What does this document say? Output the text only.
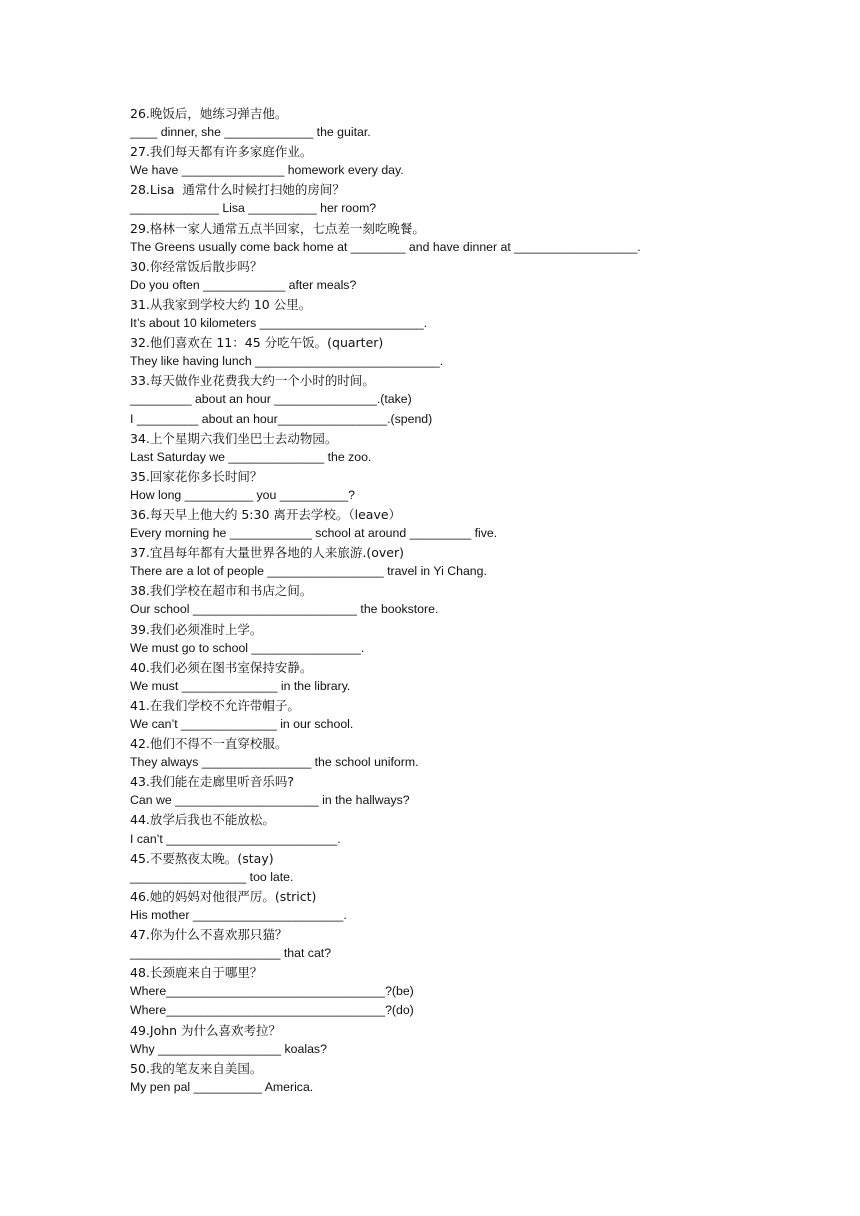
26.晚饭后，她练习弹吉他。
____ dinner, she _____________ the guitar.
27.我们每天都有许多家庭作业。
We have _______________ homework every day.
28.Lisa  通常什么时候打扫她的房间？
_____________ Lisa __________ her room?
29.格林一家人通常五点半回家，七点差一刻吃晚餐。
The Greens usually come back home at ________ and have dinner at __________________.
30.你经常饭后散步吗？
Do you often ____________ after meals?
31.从我家到学校大约 10 公里。
It’s about 10 kilometers ________________________.
32.他们喜欢在 11：45 分吃午饭。(quarter)
They like having lunch ___________________________.
33.每天做作业花费我大约一个小时的时间。
_________ about an hour _______________.(take)
I _________ about an hour________________.(spend)
34.上个星期六我们坐巴士去动物园。
Last Saturday we ______________ the zoo.
35.回家花你多长时间？
How long __________ you __________?
36.每天早上他大约 5:30 离开去学校。（leave）
Every morning he ____________ school at around _________ five.
37.宜昌每年都有大量世界各地的人来旅游.(over)
There are a lot of people _________________ travel in Yi Chang.
38.我们学校在超市和书店之间。
Our school ________________________ the bookstore.
39.我们必须准时上学。
We must go to school ________________.
40.我们必须在图书室保持安静。
We must ______________ in the library.
41.在我们学校不允许带帽子。
We can’t ______________ in our school.
42.他们不得不一直穿校服。
They always ________________ the school uniform.
43.我们能在走廊里听音乐吗?
Can we _____________________ in the hallways?
44.放学后我也不能放松。
I can’t _________________________.
45.不要熬夜太晚。(stay)
_________________ too late.
46.她的妈妈对他很严厉。(strict)
His mother ______________________.
47.你为什么不喜欢那只猫？
______________________ that cat?
48.长颈鹿来自于哪里？
Where________________________________?(be)
Where________________________________?(do)
49.John 为什么喜欢考拉？
Why __________________ koalas?
50.我的笔友来自美国。
My pen pal __________ America.
